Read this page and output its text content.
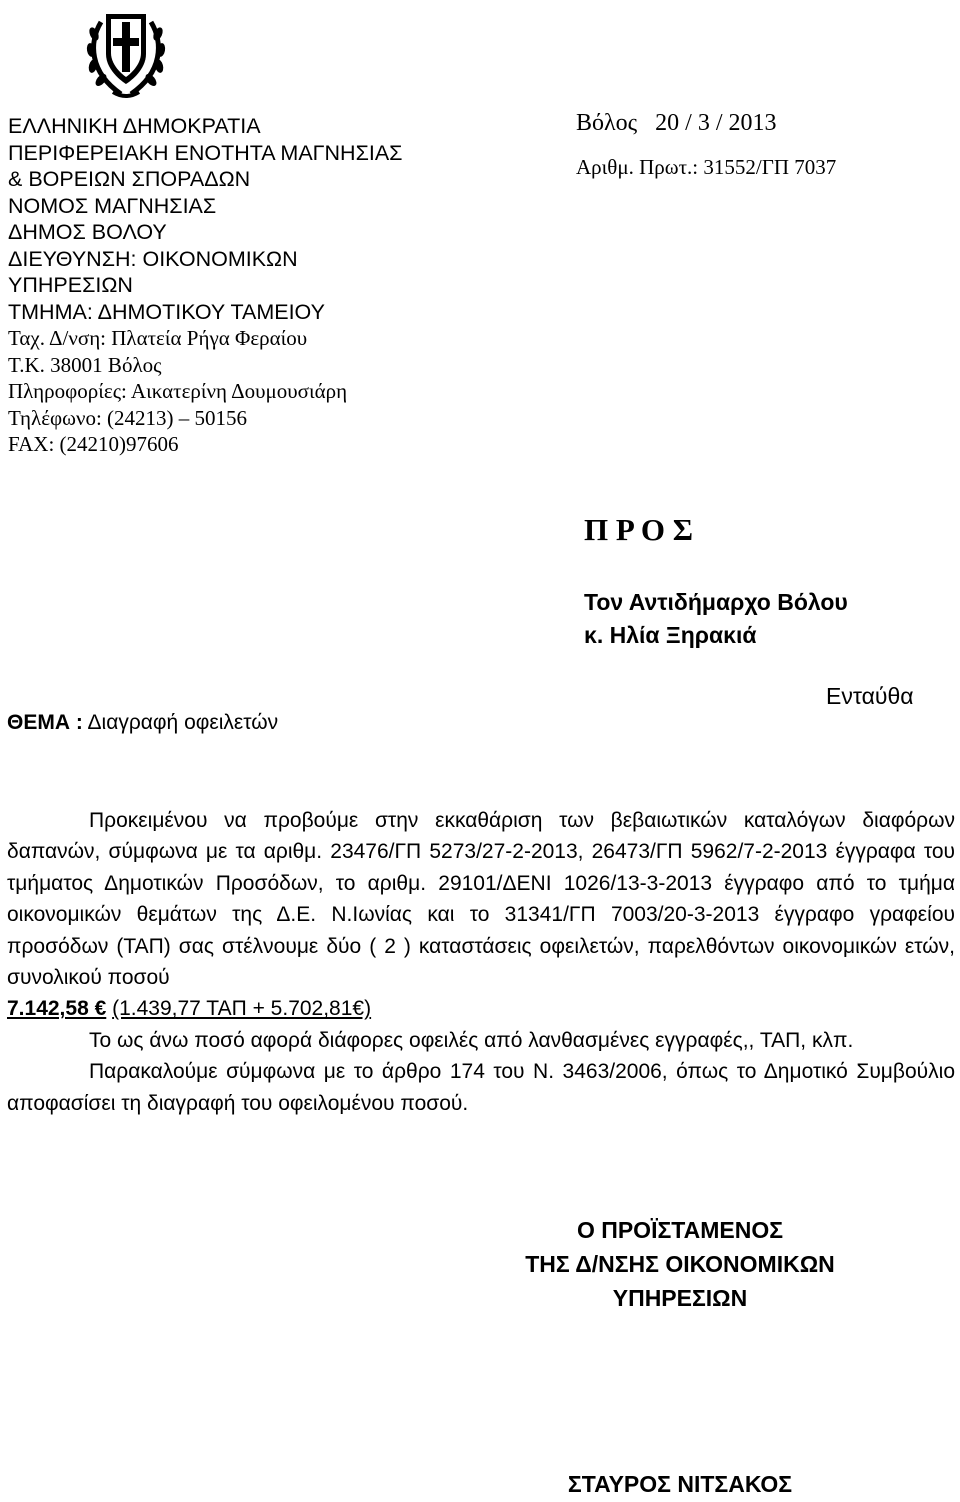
ΕΛΛΗΝΙΚΗ ΔΗΜΟΚΡΑΤΙΑ
ΠΕΡΙΦΕΡΕΙΑΚΗ ΕΝΟΤΗΤΑ ΜΑΓΝΗΣΙΑΣ
& ΒΟΡΕΙΩΝ ΣΠΟΡΑΔΩΝ
ΝΟΜΟΣ ΜΑΓΝΗΣΙΑΣ
ΔΗΜΟΣ ΒΟΛΟΥ
ΔΙΕΥΘΥΝΣΗ: ΟΙΚΟΝΟΜΙΚΩΝ
ΥΠΗΡΕΣΙΩΝ
ΤΜΗΜΑ: ΔΗΜΟΤΙΚΟΥ ΤΑΜΕΙΟΥ
Ταχ. Δ/νση: Πλατεία Ρήγα Φεραίου
Τ.Κ. 38001 Βόλος
Πληροφορίες: Αικατερίνη Δουμουσιάρη
Τηλέφωνο: (24213) – 50156
FAX: (24210)97606
Βόλος 20 / 3 / 2013
Αριθμ. Πρωτ.: 31552/ΓΠ 7037
Π Ρ Ο Σ
Τον Αντιδήμαρχο Βόλου
κ. Ηλία Ξηρακιά
Ενταύθα
ΘΕΜΑ : Διαγραφή οφειλετών

Προκειμένου να προβούμε στην εκκαθάριση των βεβαιωτικών καταλόγων διαφόρων δαπανών, σύμφωνα με τα αριθμ. 23476/ΓΠ 5273/27-2-2013, 26473/ΓΠ 5962/7-2-2013 έγγραφα του τμήματος Δημοτικών Προσόδων, το αριθμ. 29101/ΔΕΝΙ 1026/13-3-2013 έγγραφο από το τμήμα οικονομικών θεμάτων της Δ.Ε. Ν.Ιωνίας και το 31341/ΓΠ 7003/20-3-2013 έγγραφο γραφείου προσόδων (ΤΑΠ) σας στέλνουμε δύο ( 2 ) καταστάσεις οφειλετών, παρελθόντων οικονομικών ετών, συνολικού ποσού
7.142,58 € (1.439,77 ΤΑΠ + 5.702,81€)

Το ως άνω ποσό αφορά διάφορες οφειλές από λανθασμένες εγγραφές,, ΤΑΠ, κλπ.

Παρακαλούμε σύμφωνα με το άρθρο 174 του Ν. 3463/2006, όπως το Δημοτικό Συμβούλιο αποφασίσει τη διαγραφή του οφειλομένου ποσού.

Ο ΠΡΟΪΣΤΑΜΕΝΟΣ
ΤΗΣ Δ/ΝΣΗΣ ΟΙΚΟΝΟΜΙΚΩΝ
ΥΠΗΡΕΣΙΩΝ
ΣΤΑΥΡΟΣ ΝΙΤΣΑΚΟΣ
